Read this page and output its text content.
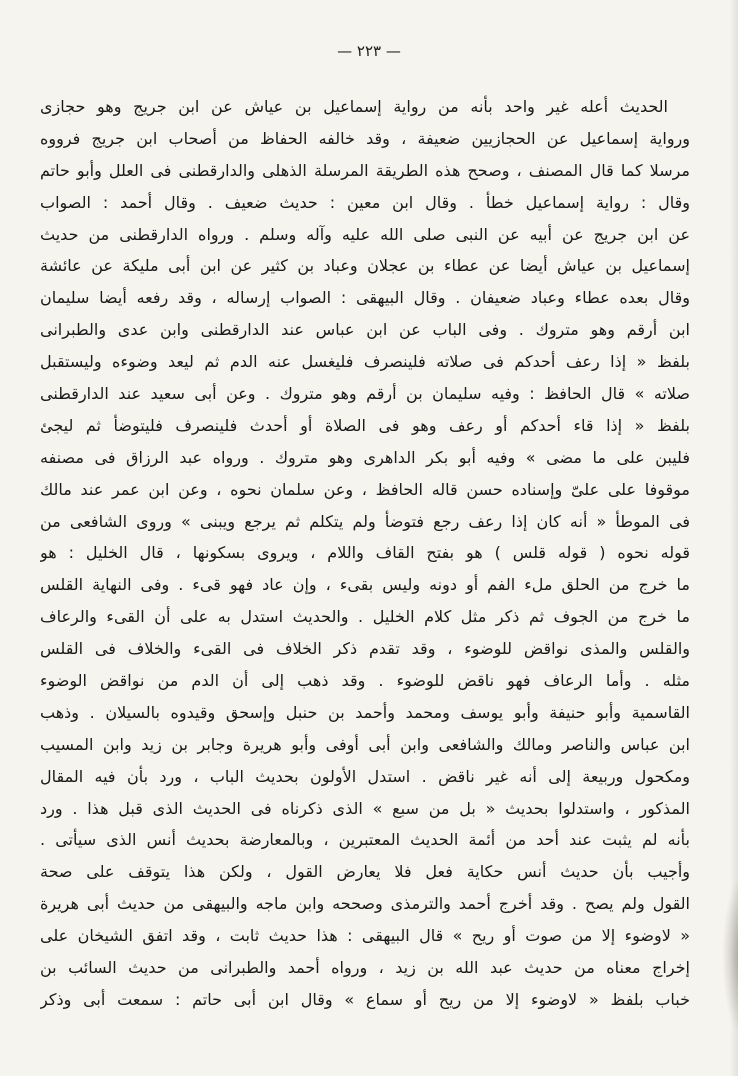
— ٢٢٣ —
الحديث أعله غير واحد بأنه من رواية إسماعيل بن عياش عن ابن جريج وهو حجازى
ورواية إسماعيل عن الحجازيين ضعيفة ، وقد خالفه الحفاظ من أصحاب ابن جريج فرووه
مرسلا كما قال المصنف ، وصحح هذه الطريقة المرسلة الذهلى والدارقطنى فى العلل وأبو حاتم
وقال : رواية إسماعيل خطأ . وقال ابن معين : حديث ضعيف . وقال أحمد : الصواب
عن ابن جريج عن أبيه عن النبى صلى الله عليه وآله وسلم . ورواه الدارقطنى من حديث
إسماعيل بن عياش أيضا عن عطاء بن عجلان وعباد بن كثير عن ابن أبى مليكة عن عائشة
وقال بعده عطاء وعباد ضعيفان . وقال البيهقى : الصواب إرساله ، وقد رفعه أيضا سليمان
ابن أرقم وهو متروك . وفى الباب عن ابن عباس عند الدارقطنى وابن عدى والطبرانى
بلفظ « إذا رعف أحدكم فى صلاته فلينصرف فليغسل عنه الدم ثم ليعد وضوءه وليستقبل
صلاته » قال الحافظ : وفيه سليمان بن أرقم وهو متروك . وعن أبى سعيد عند الدارقطنى
بلفظ « إذا قاء أحدكم أو رعف وهو فى الصلاة أو أحدث فلينصرف فليتوضأ ثم ليجئ
فليبن على ما مضى » وفيه أبو بكر الداهرى وهو متروك . ورواه عبد الرزاق فى مصنفه
موقوفا على علىّ وإسناده حسن قاله الحافظ ، وعن سلمان نحوه ، وعن ابن عمر عند مالك
فى الموطأ « أنه كان إذا رعف رجع فتوضأ ولم يتكلم ثم يرجع ويبنى » وروى الشافعى من
قوله نحوه ( قوله قلس ) هو بفتح القاف واللام ، ويروى بسكونها ، قال الخليل : هو
ما خرج من الحلق ملء الفم أو دونه وليس بقىء ، وإن عاد فهو قىء . وفى النهاية القلس
ما خرج من الجوف ثم ذكر مثل كلام الخليل . والحديث استدل به على أن القىء والرعاف
والقلس والمذى نواقض للوضوء ، وقد تقدم ذكر الخلاف فى القىء والخلاف فى القلس
مثله . وأما الرعاف فهو ناقض للوضوء . وقد ذهب إلى أن الدم من نواقض الوضوء
القاسمية وأبو حنيفة وأبو يوسف ومحمد وأحمد بن حنبل وإسحق وقيدوه بالسيلان . وذهب
ابن عباس والناصر ومالك والشافعى وابن أبى أوفى وأبو هريرة وجابر بن زيد وابن المسيب
ومكحول وربيعة إلى أنه غير ناقض . استدل الأولون بحديث الباب ، ورد بأن فيه المقال
المذكور ، واستدلوا بحديث « بل من سبع » الذى ذكرناه فى الحديث الذى قبل هذا . ورد
بأنه لم يثبت عند أحد من أئمة الحديث المعتبرين ، وبالمعارضة بحديث أنس الذى سيأتى .
وأجيب بأن حديث أنس حكاية فعل فلا يعارض القول ، ولكن هذا يتوقف على صحة
القول ولم يصح . وقد أخرج أحمد والترمذى وصححه وابن ماجه والبيهقى من حديث أبى هريرة
« لاوضوء إلا من صوت أو ريح » قال البيهقى : هذا حديث ثابت ، وقد اتفق الشيخان على
إخراج معناه من حديث عبد الله بن زيد ، ورواه أحمد والطبرانى من حديث السائب بن
خباب بلفظ « لاوضوء إلا من ريح أو سماع » وقال ابن أبى حاتم : سمعت أبى وذكر
